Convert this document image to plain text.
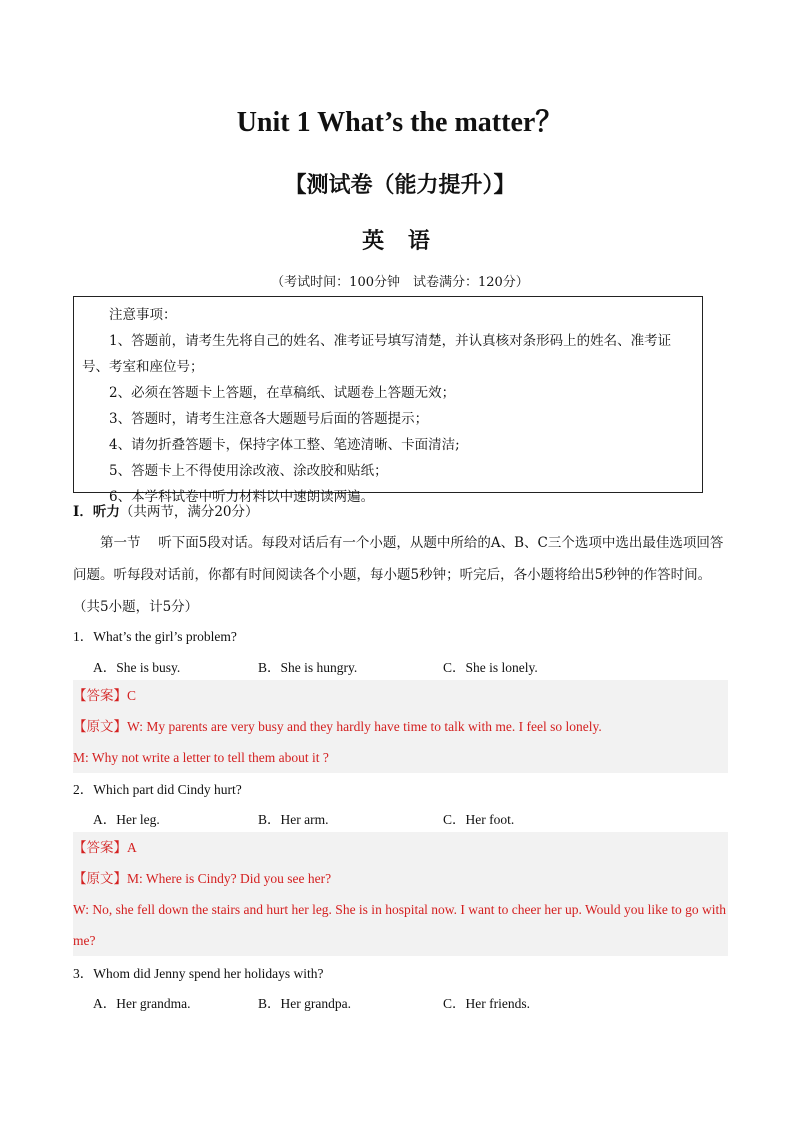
Unit 1 What’s the matter？
【测试卷（能力提升）】
英 语
（考试时间：100分钟　试卷满分：120分）

注意事项：

1、答题前，请考生先将自己的姓名、准考证号填写清楚，并认真核对条形码上的姓名、准考证号、考室和座位号；

2、必须在答题卡上答题，在草稿纸、试题卷上答题无效；

3、答题时，请考生注意各大题题号后面的答题提示；

4、请勿折叠答题卡，保持字体工整、笔迹清晰、卡面清洁;

5、答题卡上不得使用涂改液、涂改胶和贴纸；

6、本学科试卷中听力材料以中速朗读两遍。

I．听力（共两节，满分20分）
第一节　 听下面5段对话。每段对话后有一个小题，从题中所给的A、B、C三个选项中选出最佳选项回答问题。听每段对话前，你都有时间阅读各个小题，每小题5秒钟；听完后，各小题将给出5秒钟的作答时间。（共5小题，计5分）
1．What’s the girl’s problem?
A．She is busy.	B．She is hungry.	C．She is lonely.
【答案】C
【原文】W: My parents are very busy and they hardly have time to talk with me. I feel so lonely.
M: Why not write a letter to tell them about it ?
2．Which part did Cindy hurt?
A．Her leg.	B．Her arm.	C．Her foot.
【答案】A
【原文】M: Where is Cindy? Did you see her?
W: No, she fell down the stairs and hurt her leg. She is in hospital now. I want to cheer her up. Would you like to go with me?
3．Whom did Jenny spend her holidays with?
A．Her grandma.	B．Her grandpa.	C．Her friends.
